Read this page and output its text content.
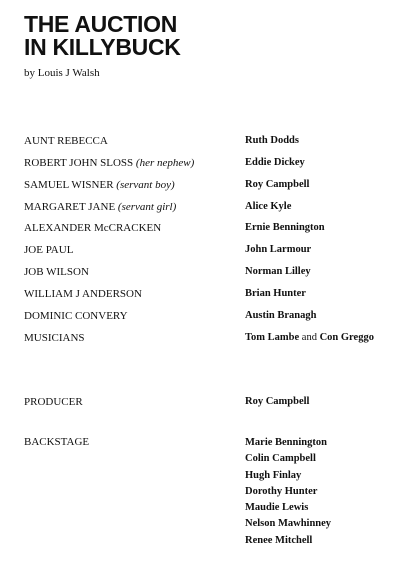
THE AUCTION
IN KILLYBUCK
by Louis J Walsh
AUNT REBECCA	Ruth Dodds
ROBERT JOHN SLOSS (her nephew)	Eddie Dickey
SAMUEL WISNER (servant boy)	Roy Campbell
MARGARET JANE (servant girl)	Alice Kyle
ALEXANDER McCRACKEN	Ernie Bennington
JOE PAUL	John Larmour
JOB WILSON	Norman Lilley
WILLIAM J ANDERSON	Brian Hunter
DOMINIC CONVERY	Austin Branagh
MUSICIANS	Tom Lambe and Con Greggo
PRODUCER	Roy Campbell
BACKSTAGE	Marie Bennington
Colin Campbell
Hugh Finlay
Dorothy Hunter
Maudie Lewis
Nelson Mawhinney
Renee Mitchell
